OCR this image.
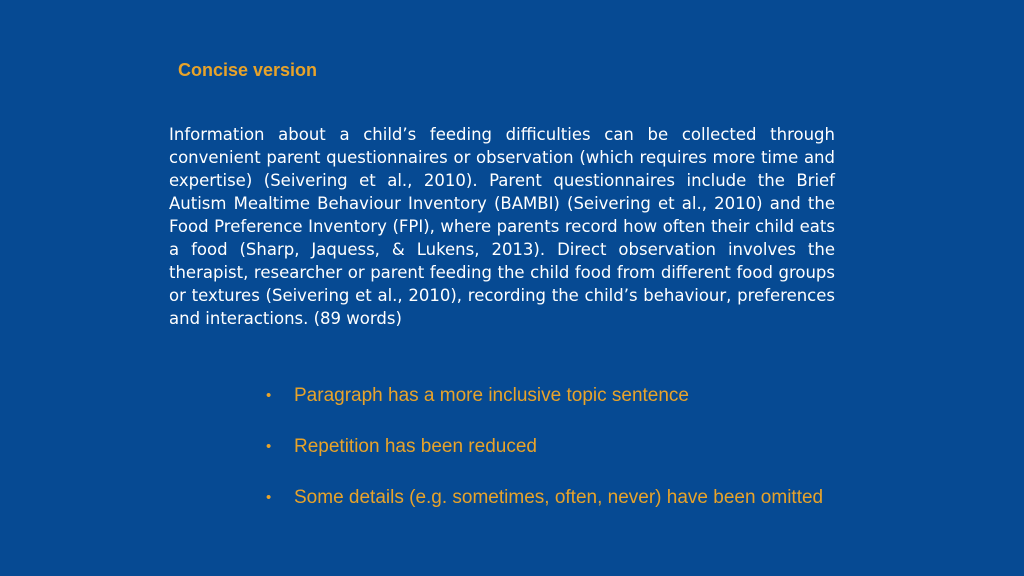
Concise version

Information about a child’s feeding difficulties can be collected through convenient parent questionnaires or observation (which requires more time and expertise) (Seivering et al., 2010). Parent questionnaires include the Brief Autism Mealtime Behaviour Inventory (BAMBI) (Seivering et al., 2010) and the Food Preference Inventory (FPI), where parents record how often their child eats a food (Sharp, Jaquess, & Lukens, 2013). Direct observation involves the therapist, researcher or parent feeding the child food from different food groups or textures (Seivering et al., 2010), recording the child’s behaviour, preferences and interactions. (89 words)

• Paragraph has a more inclusive topic sentence
• Repetition has been reduced
• Some details (e.g. sometimes, often, never) have been omitted
